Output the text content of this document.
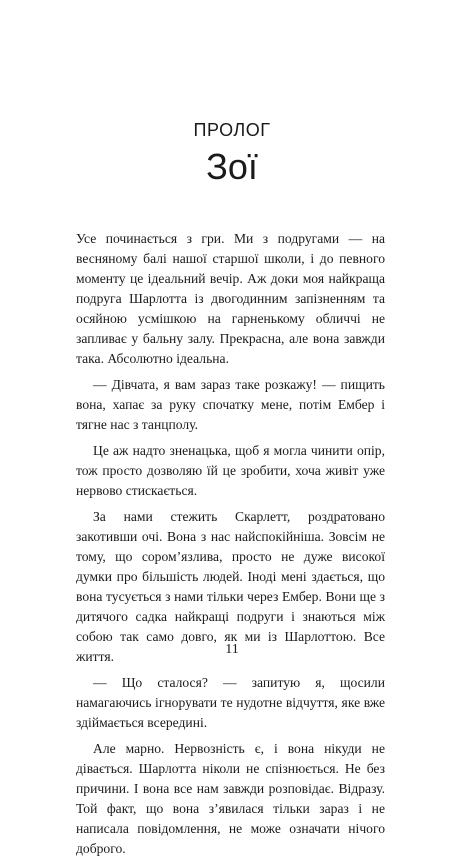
ПРОЛОГ
Зої

Усе починається з гри. Ми з подругами — на весняному балі нашої старшої школи, і до певного моменту це ідеальний вечір. Аж доки моя найкраща подруга Шарлотта із двогодинним запізненням та осяйною усмішкою на гарненькому обличчі не запливає у бальну залу. Прекрасна, але вона завжди така. Абсолютно ідеальна.

— Дівчата, я вам зараз таке розкажу! — пищить вона, хапає за руку спочатку мене, потім Ембер і тягне нас з танцполу.

Це аж надто зненацька, щоб я могла чинити опір, тож просто дозволяю їй це зробити, хоча живіт уже нервово стискається.

За нами стежить Скарлетт, роздратовано закотивши очі. Вона з нас найспокійніша. Зовсім не тому, що сором’язлива, просто не дуже високої думки про більшість людей. Іноді мені здається, що вона тусується з нами тільки через Ембер. Вони ще з дитячого садка найкращі подруги і знаються між собою так само довго, як ми із Шарлоттою. Все життя.

— Що сталося? — запитую я, щосили намагаючись ігнорувати те нудотне відчуття, яке вже здіймається всередині.

Але марно. Нервозність є, і вона нікуди не дівається. Шарлотта ніколи не спізнюється. Не без причини. І вона все нам завжди розповідає. Відразу. Той факт, що вона з’явилася тільки зараз і не написала повідомлення, не може означати нічого доброго.

11
